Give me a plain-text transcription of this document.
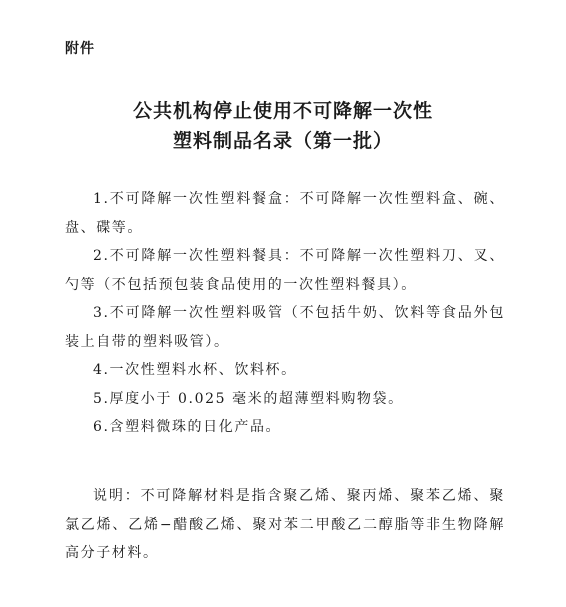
附件
公共机构停止使用不可降解一次性
塑料制品名录（第一批）

1.不可降解一次性塑料餐盒：不可降解一次性塑料盒、碗、盘、碟等。

2.不可降解一次性塑料餐具：不可降解一次性塑料刀、叉、勺等（不包括预包装食品使用的一次性塑料餐具）。

3.不可降解一次性塑料吸管（不包括牛奶、饮料等食品外包装上自带的塑料吸管）。

4.一次性塑料水杯、饮料杯。

5.厚度小于 0.025 毫米的超薄塑料购物袋。

6.含塑料微珠的日化产品。

说明：不可降解材料是指含聚乙烯、聚丙烯、聚苯乙烯、聚氯乙烯、乙烯−醋酸乙烯、聚对苯二甲酸乙二醇脂等非生物降解高分子材料。
